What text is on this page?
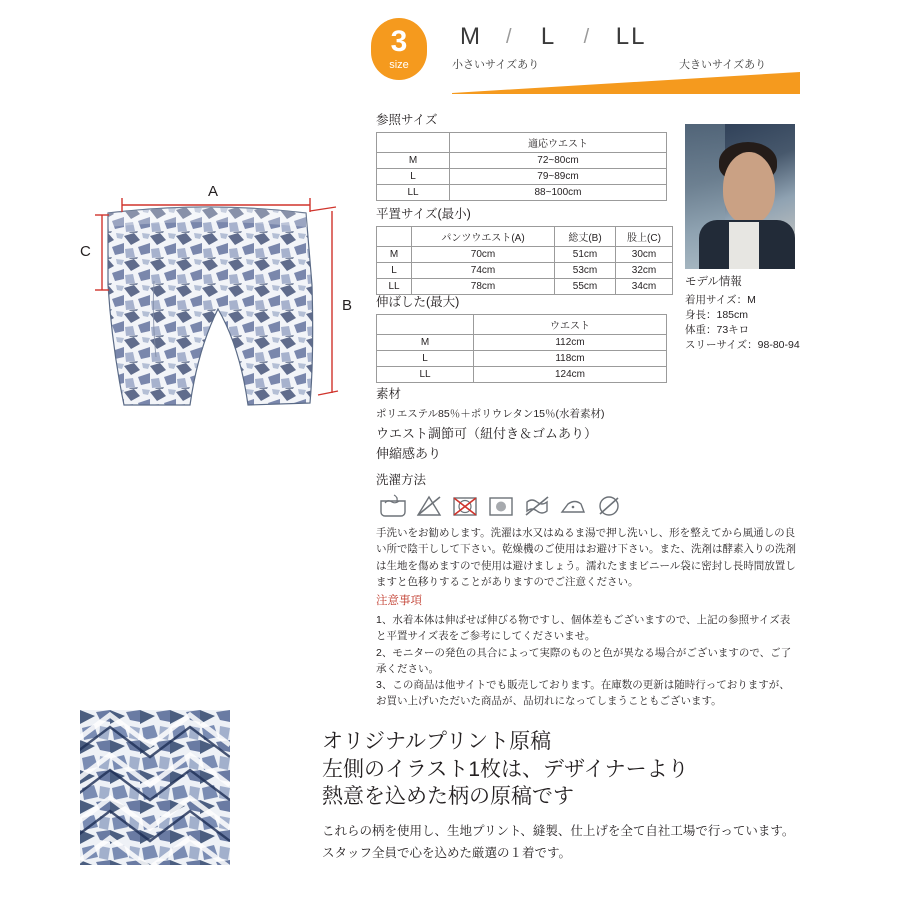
3
size
M	/	L	/	LL
小さいサイズあり	大きいサイズあり
A
C
B
参照サイズ
	適応ウエスト
M	72~80cm
L	79~89cm
LL	88~100cm
平置サイズ(最小)
	パンツウエスト(A)	総丈(B)	股上(C)
M	70cm	51cm	30cm
L	74cm	53cm	32cm
LL	78cm	55cm	34cm
伸ばした(最大)
	ウエスト
M	112cm
L	118cm
LL	124cm
モデル情報
着用サイズ：M
身長：185cm
体重：73キロ
スリーサイズ：98-80-94
素材
ポリエステル85％＋ポリウレタン15％(水着素材)
ウエスト調節可（紐付き＆ゴムあり）
伸縮感あり
洗濯方法
手洗いをお勧めします。洗濯は水又はぬるま湯で押し洗いし、形を整えてから風通しの良い所で陰干しして下さい。乾燥機のご使用はお避け下さい。また、洗剤は酵素入りの洗剤は生地を傷めますので使用は避けましょう。濡れたままビニール袋に密封し長時間放置しますと色移りすることがありますのでご注意ください。
注意事項
1、水着本体は伸ばせば伸びる物ですし、個体差もございますので、上記の参照サイズ表と平置サイズ表をご参考にしてくださいませ。
2、モニターの発色の具合によって実際のものと色が異なる場合がございますので、ご了承ください。
3、この商品は他サイトでも販売しております。在庫数の更新は随時行っておりますが、お買い上げいただいた商品が、品切れになってしまうこともございます。
オリジナルプリント原稿
左側のイラスト1枚は、デザイナーより
熱意を込めた柄の原稿です
これらの柄を使用し、生地プリント、縫製、仕上げを全て自社工場で行っています。
スタッフ全員で心を込めた厳選の１着です。
